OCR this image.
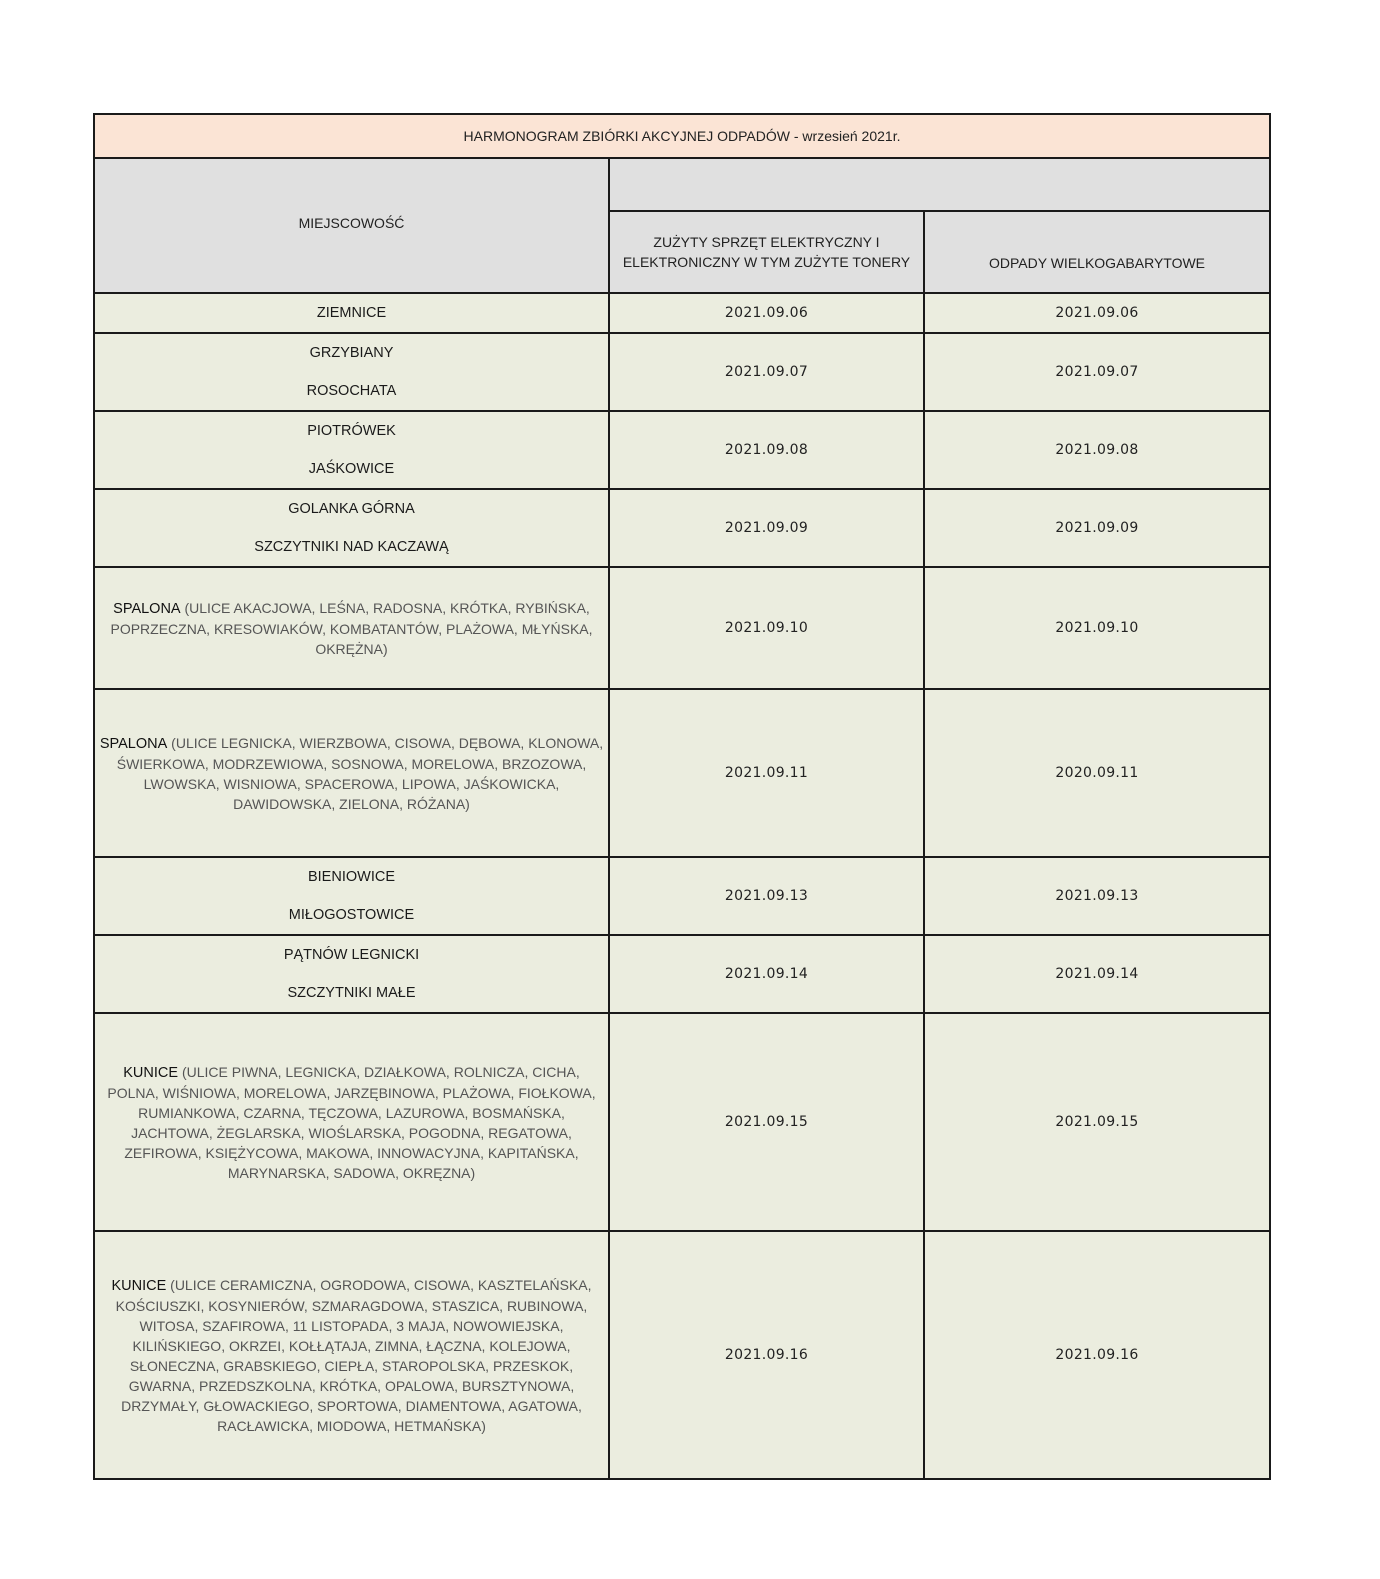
HARMONOGRAM ZBIÓRKI AKCYJNEJ ODPADÓW - wrzesień 2021r.		
MIEJSCOWOŚĆ		
	ZUŻYTY SPRZĘT ELEKTRYCZNY I ELEKTRONICZNY W TYM ZUŻYTE TONERY	ODPADY WIELKOGABARYTOWE

ZIEMNICE	2021.09.06	2021.09.06

GRZYBIANY
ROSOCHATA	2021.09.07	2021.09.07

PIOTRÓWEK
JAŚKOWICE	2021.09.08	2021.09.08

GOLANKA GÓRNA
SZCZYTNIKI NAD KACZAWĄ	2021.09.09	2021.09.09
SPALONA (ULICE AKACJOWA, LEŚNA, RADOSNA, KRÓTKA, RYBIŃSKA, POPRZECZNA, KRESOWIAKÓW, KOMBATANTÓW, PLAŻOWA, MŁYŃSKA, OKRĘŻNA)	2021.09.10	2021.09.10
SPALONA (ULICE LEGNICKA, WIERZBOWA, CISOWA, DĘBOWA, KLONOWA, ŚWIERKOWA, MODRZEWIOWA, SOSNOWA, MORELOWA, BRZOZOWA, LWOWSKA, WISNIOWA, SPACEROWA, LIPOWA, JAŚKOWICKA, DAWIDOWSKA, ZIELONA, RÓŻANA)	2021.09.11	2020.09.11

BIENIOWICE
MIŁOGOSTOWICE	2021.09.13	2021.09.13

PĄTNÓW LEGNICKI
SZCZYTNIKI MAŁE	2021.09.14	2021.09.14
KUNICE (ULICE PIWNA, LEGNICKA, DZIAŁKOWA, ROLNICZA, CICHA, POLNA, WIŚNIOWA, MORELOWA, JARZĘBINOWA, PLAŻOWA, FIOŁKOWA, RUMIANKOWA, CZARNA, TĘCZOWA, LAZUROWA, BOSMAŃSKA, JACHTOWA, ŻEGLARSKA, WIOŚLARSKA, POGODNA, REGATOWA, ZEFIROWA, KSIĘŻYCOWA, MAKOWA, INNOWACYJNA, KAPITAŃSKA, MARYNARSKA, SADOWA, OKRĘZNA)	2021.09.15	2021.09.15
KUNICE (ULICE CERAMICZNA, OGRODOWA, CISOWA, KASZTELAŃSKA, KOŚCIUSZKI, KOSYNIERÓW, SZMARAGDOWA, STASZICA, RUBINOWA, WITOSA, SZAFIROWA, 11 LISTOPADA, 3 MAJA, NOWOWIEJSKA, KILIŃSKIEGO, OKRZEI, KOŁŁĄTAJA, ZIMNA, ŁĄCZNA, KOLEJOWA, SŁONECZNA, GRABSKIEGO, CIEPŁA, STAROPOLSKA, PRZESKOK, GWARNA, PRZEDSZKOLNA, KRÓTKA, OPALOWA, BURSZTYNOWA, DRZYMAŁY, GŁOWACKIEGO, SPORTOWA, DIAMENTOWA, AGATOWA, RACŁAWICKA, MIODOWA, HETMAŃSKA)	2021.09.16	2021.09.16
